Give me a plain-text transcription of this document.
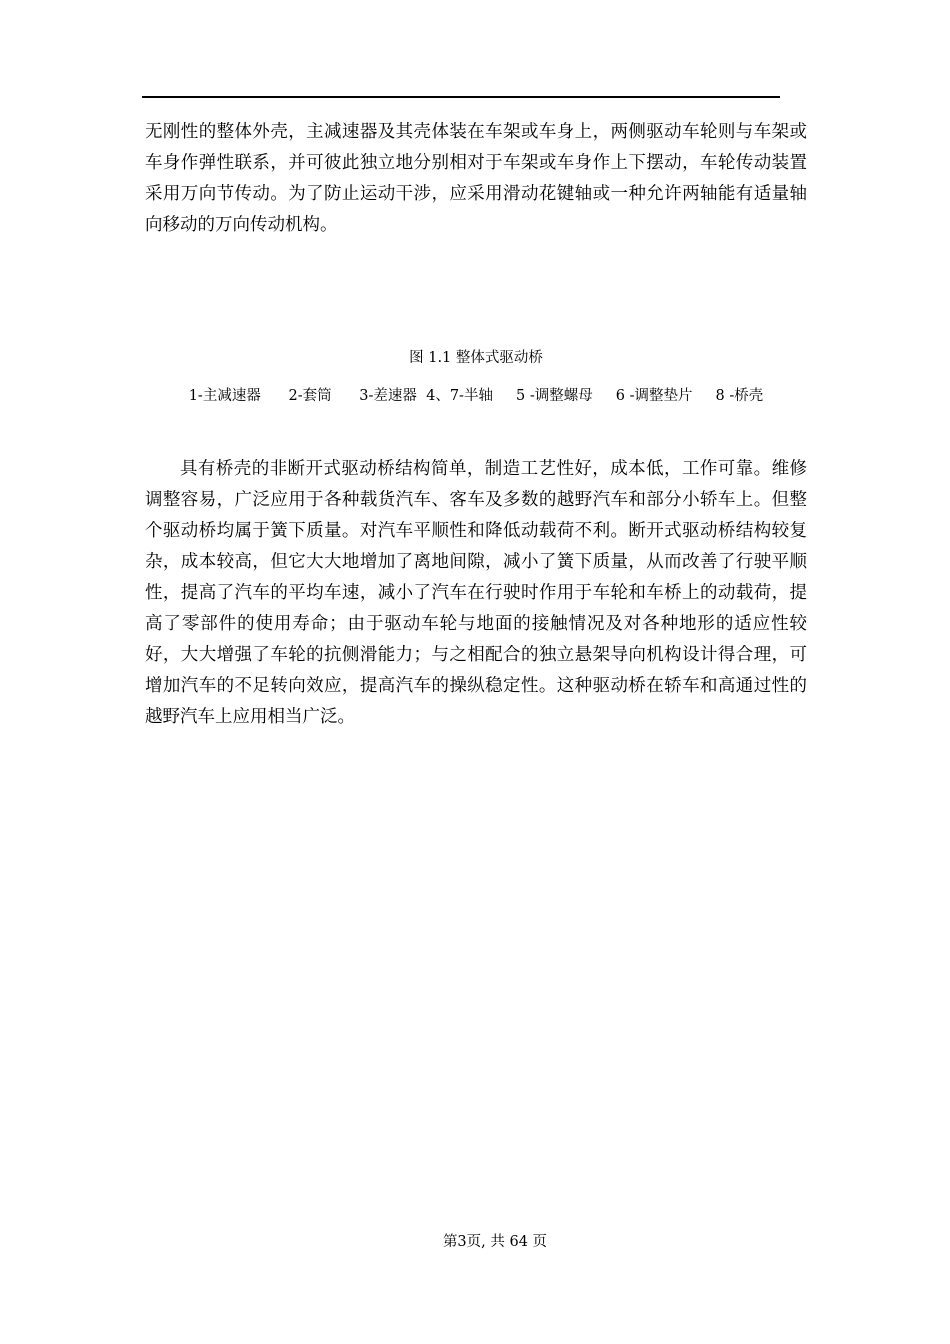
无刚性的整体外壳，主减速器及其壳体装在车架或车身上，两侧驱动车轮则与车架或车身作弹性联系，并可彼此独立地分别相对于车架或车身作上下摆动，车轮传动装置采用万向节传动。为了防止运动干涉，应采用滑动花键轴或一种允许两轴能有适量轴向移动的万向传动机构。

图 1.1 整体式驱动桥

1-主减速器      2-套筒      3-差速器  4、7-半轴     5 -调整螺母     6 -调整垫片     8 -桥壳

具有桥壳的非断开式驱动桥结构简单，制造工艺性好，成本低，工作可靠。维修调整容易，广泛应用于各种载货汽车、客车及多数的越野汽车和部分小轿车上。但整个驱动桥均属于簧下质量。对汽车平顺性和降低动载荷不利。断开式驱动桥结构较复杂，成本较高，但它大大地增加了离地间隙，减小了簧下质量，从而改善了行驶平顺性，提高了汽车的平均车速，减小了汽车在行驶时作用于车轮和车桥上的动载荷，提高了零部件的使用寿命；由于驱动车轮与地面的接触情况及对各种地形的适应性较好，大大增强了车轮的抗侧滑能力；与之相配合的独立悬架导向机构设计得合理，可增加汽车的不足转向效应，提高汽车的操纵稳定性。这种驱动桥在轿车和高通过性的越野汽车上应用相当广泛。

第3页, 共 64 页
